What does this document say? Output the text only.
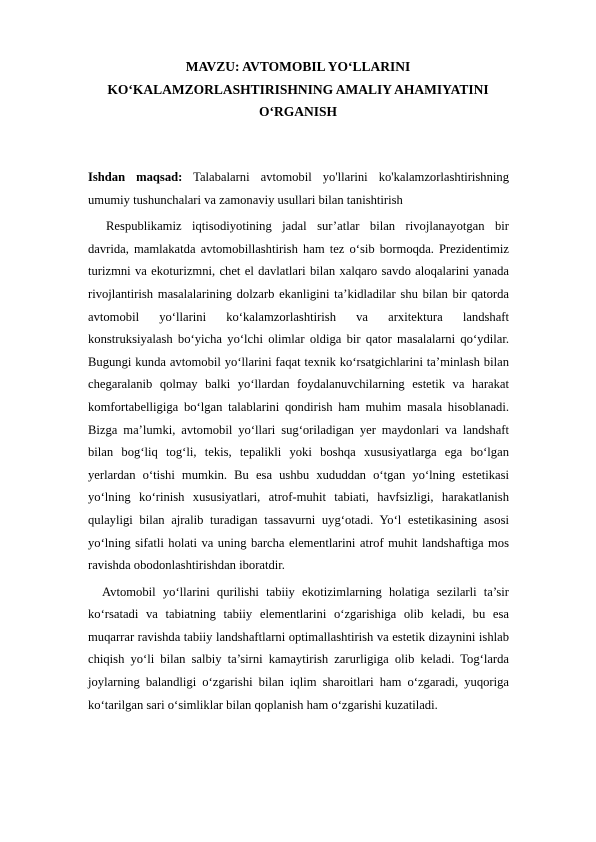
MAVZU: AVTOMOBIL YO‘LLARINI
KO‘KALAMZORLASHTIRISHNING AMALIY AHAMIYATINI
O‘RGANISH

Ishdan maqsad: Talabalarni avtomobil yo'llarini ko'kalamzorlashtirishning umumiy tushunchalari va zamonaviy usullari bilan tanishtirish

Respublikamiz iqtisodiyotining jadal sur’atlar bilan rivojlanayotgan bir davrida, mamlakatda avtomobillashtirish ham tez o‘sib bormoqda. Prezidentimiz turizmni va ekoturizmni, chet el davlatlari bilan xalqaro savdo aloqalarini yanada rivojlantirish masalalarining dolzarb ekanligini ta’kidladilar shu bilan bir qatorda avtomobil yo‘llarini ko‘kalamzorlashtirish va arxitektura landshaft konstruksiyalash bo‘yicha yo‘lchi olimlar oldiga bir qator masalalarni qo‘ydilar. Bugungi kunda avtomobil yo‘llarini faqat texnik ko‘rsatgichlarini ta’minlash bilan chegaralanib qolmay balki yo‘llardan foydalanuvchilarning estetik va harakat komfortabelligiga bo‘lgan talablarini qondirish ham muhim masala hisoblanadi. Bizga ma’lumki, avtomobil yo‘llari sug‘oriladigan yer maydonlari va landshaft bilan bog‘liq tog‘li, tekis, tepalikli yoki boshqa xususiyatlarga ega bo‘lgan yerlardan o‘tishi mumkin. Bu esa ushbu xududdan o‘tgan yo‘lning estetikasi yo‘lning ko‘rinish xususiyatlari, atrof-muhit tabiati, havfsizligi, harakatlanish qulayligi bilan ajralib turadigan tassavurni uyg‘otadi. Yo‘l estetikasining asosi yo‘lning sifatli holati va uning barcha elementlarini atrof muhit landshaftiga mos ravishda obodonlashtirishdan iboratdir.

Avtomobil yo‘llarini qurilishi tabiiy ekotizimlarning holatiga sezilarli ta’sir ko‘rsatadi va tabiatning tabiiy elementlarini o‘zgarishiga olib keladi, bu esa muqarrar ravishda tabiiy landshaftlarni optimallashtirish va estetik dizaynini ishlab chiqish yo‘li bilan salbiy ta’sirni kamaytirish zarurligiga olib keladi. Tog‘larda joylarning balandligi o‘zgarishi bilan iqlim sharoitlari ham o‘zgaradi, yuqoriga ko‘tarilgan sari o‘simliklar bilan qoplanish ham o‘zgarishi kuzatiladi.
